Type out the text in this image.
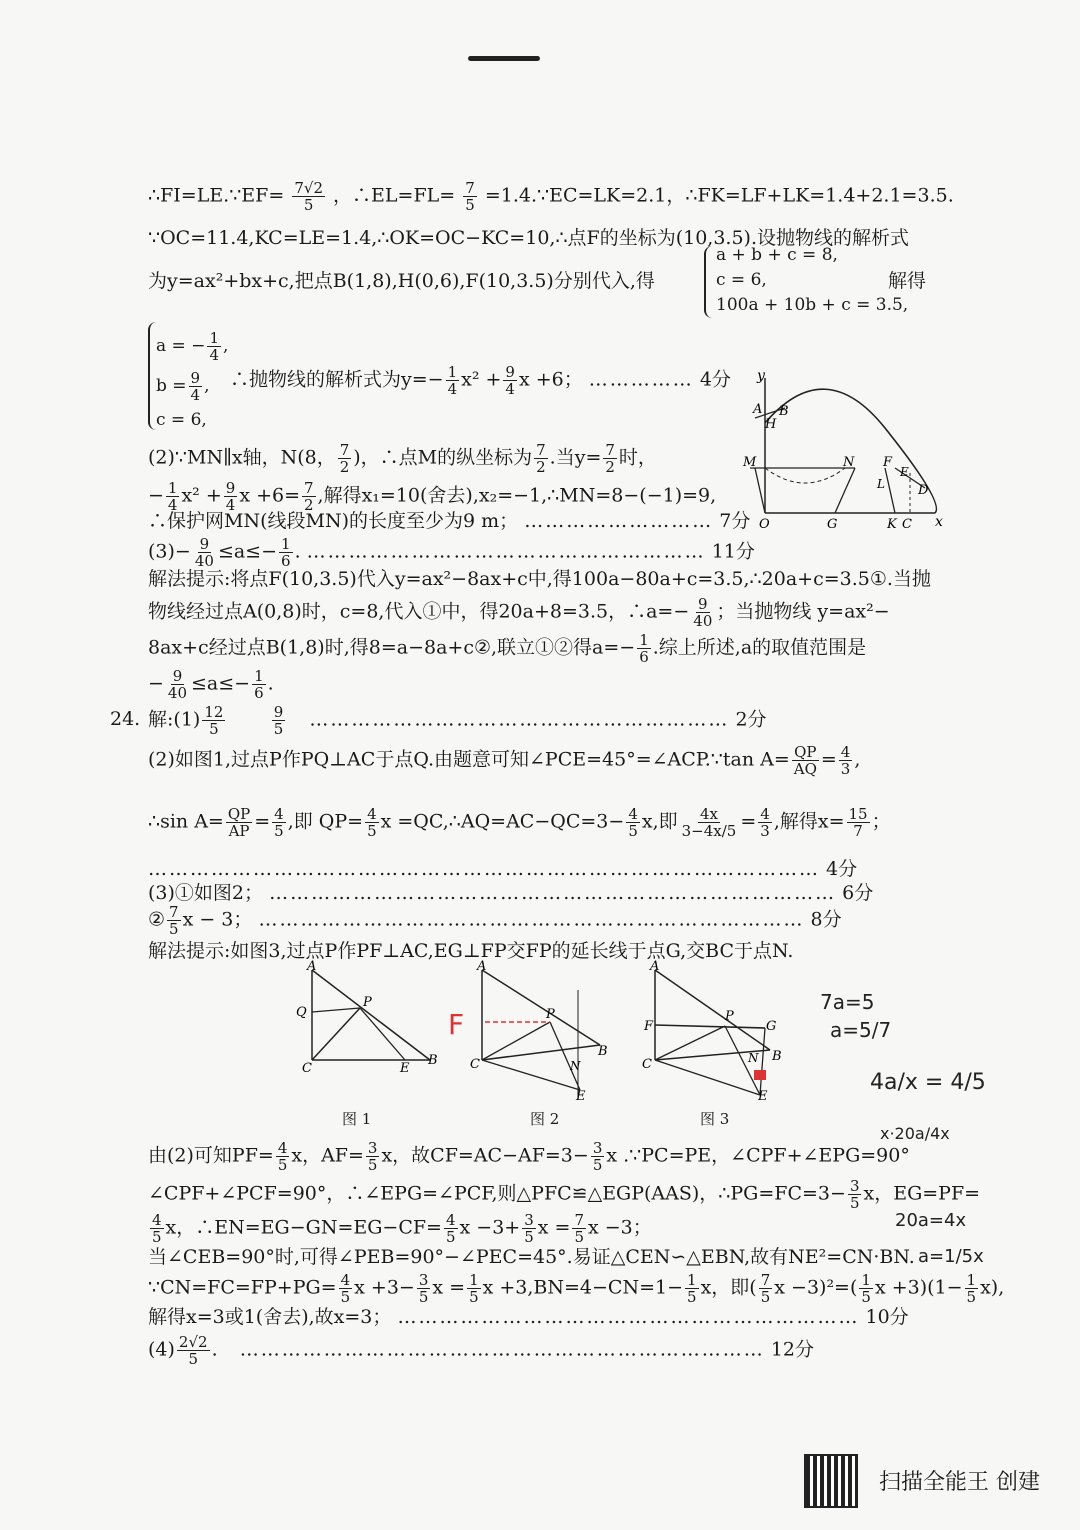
∴FI=LE.∵EF= $\frac{7√2}{5}$ ，∴EL=FL= $\frac{7}{5}$ =1.4.∵EC=LK=2.1，∴FK=LF+LK=1.4+2.1=3.5.
∵OC=11.4,KC=LE=1.4,∴OK=OC−KC=10,∴点F的坐标为(10,3.5).设抛物线的解析式
为y=ax²+bx+c,把点B(1,8),H(0,6),F(10,3.5)分别代入,得
a + b + c = 8,
c = 6,
100a + 10b + c = 3.5,
解得
a = − $\frac{1}{4}$ ,
$b = \frac{9}{4}$ ,
c = 6,
∴抛物线的解析式为$y=- \frac{1}{4} x^2 + \frac{9}{4}$ x +6； …………… 4分 y
x
A B
H
M	N F
E
L	D
O	G	K C
(2)∵MN∥x轴，N(8， $\frac{7}{2}$ )，∴点M的纵坐标为 $\frac{7}{2}$ .当$y= \frac{7}{2}$ 时，
− $\frac{1}{4} x^2 + \frac{9}{4}$ $x +6= \frac{7}{2}$ ,解得x₁=10(舍去),x₂=−1,∴MN=8−(−1)=9,
∴保护网MN(线段MN)的长度至少为9 m； ……………………… 7分
$(3)- \frac{9}{40} \le a\le- \frac{1}{6}$ . ………………………………………………… 11分
解法提示:将点F(10,3.5)代入y=ax²−8ax+c中,得100a−80a+c=3.5,∴20a+c=3.5①.当抛
物线经过点A(0,8)时，c=8,代入①中，得20a+8=3.5，∴a=− $\frac{9}{40}$ ；当抛物线 y=ax²−
8ax+c经过点B(1,8)时,得8=a−8a+c②,联立①②得$a=- \frac{1}{6}$ .综上所述,a的取值范围是
− $\frac{9}{40} \le a\le- \frac{1}{6}$ .
24. 解:(1) $\frac{12}{5}$
	$\frac{9}{5}$ …………………………………………………… 2分
(2)如图1,过点P作PQ⊥AC于点Q.由题意可知∠PCE=45°=∠ACP.∵tan $A= \frac{QP}{AQ} = \frac{4}{3}$ ,
∴sin $A= \frac{QP}{AP} = \frac{4}{5}$ ,即 $QP= \frac{4}{5}$ x =QC,∴AQ=AC−QC=3− $\frac{4}{5} x$,即 $\frac{4x}{3-4x/5} = \frac{4}{3}$ ,解得$x= \frac{15}{7}$ ；
…………………………………………………………………………………… 4分
(3)①如图2； ……………………………………………………………………… 6分
② $\frac{7}{5}$ x − 3； …………………………………………………………………… 8分
解法提示:如图3,过点P作PF⊥AC,EG⊥FP交FP的延长线于点G,交BC于点N.
A
Q
P
C	E
B
图 1
A
P
C
B
N
E
F
图 2
A
F
P
G
C	N B
E
图 3
7a=5
a=5/7
4a/x = 4/5
x·20a/4x
20a=4x
a=1/5x
由(2)可知$PF= \frac{4}{5}$ x，$AF= \frac{3}{5}$ x，故$CF=AC-AF=3- \frac{3}{5}$ x .∵PC=PE，∠CPF+∠EPG=90°
∠CPF+∠PCF=90°，∴∠EPG=∠PCF,则△PFC≌△EGP(AAS)，∴PG=FC=3− $\frac{3}{5}$ x，EG=PF=
$\frac{4}{5}$ x，∴EN=EG−GN=EG−CF= $\frac{4}{5}$ $x -3+ \frac{3}{5}$ $x = \frac{7}{5}$ x −3；
当∠CEB=90°时,可得∠PEB=90°−∠PEC=45°.易证△CEN∽△EBN,故有NE²=CN·BN.
∵CN=FC=FP+PG= $\frac{4}{5}$ $x +3- \frac{3}{5}$ $x = \frac{1}{5}$ $x +3,BN=4-CN=1- \frac{1}{5}$ x，即( $\frac{7}{5}$ $x -3)^2=( \frac{1}{5}$ $x +3)(1- \frac{1}{5} x)$,
解得x=3或1(舍去),故x=3； ………………………………………………………… 10分
$(4) \frac{2√2}{5}$ .   ………………………………………………………………… 12分
扫描全能王 创建
